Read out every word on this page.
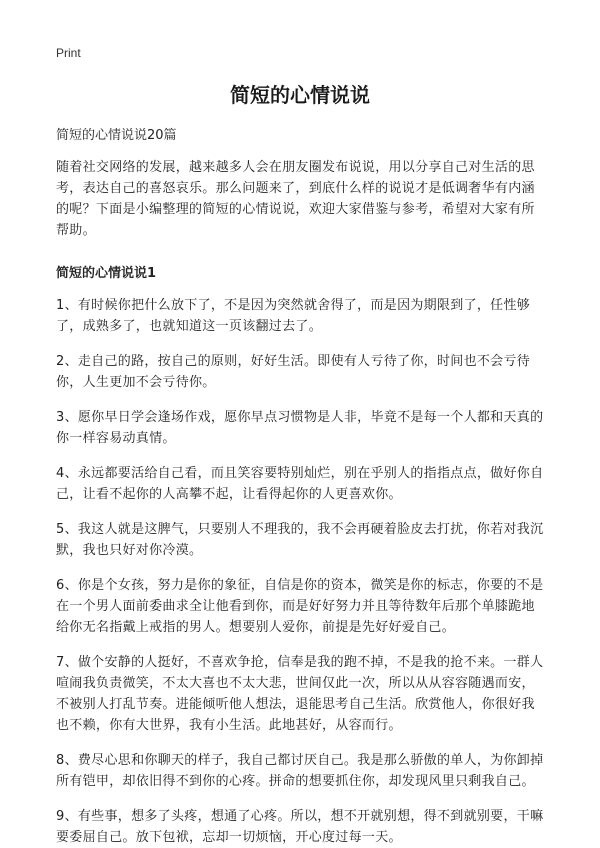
Print
简短的心情说说
简短的心情说说20篇

随着社交网络的发展，越来越多人会在朋友圈发布说说，用以分享自己对生活的思考，表达自己的喜怒哀乐。那么问题来了，到底什么样的说说才是低调奢华有内涵的呢？下面是小编整理的简短的心情说说，欢迎大家借鉴与参考，希望对大家有所帮助。

简短的心情说说1

1、有时候你把什么放下了，不是因为突然就舍得了，而是因为期限到了，任性够了，成熟多了，也就知道这一页该翻过去了。

2、走自己的路，按自己的原则，好好生活。即使有人亏待了你，时间也不会亏待你，人生更加不会亏待你。

3、愿你早日学会逢场作戏，愿你早点习惯物是人非，毕竟不是每一个人都和天真的你一样容易动真情。

4、永远都要活给自己看，而且笑容要特别灿烂，别在乎别人的指指点点，做好你自己，让看不起你的人高攀不起，让看得起你的人更喜欢你。

5、我这人就是这脾气，只要别人不理我的，我不会再硬着脸皮去打扰，你若对我沉默，我也只好对你冷漠。

6、你是个女孩，努力是你的象征，自信是你的资本，微笑是你的标志，你要的不是在一个男人面前委曲求全让他看到你，而是好好努力并且等待数年后那个单膝跪地给你无名指戴上戒指的男人。想要别人爱你，前提是先好好爱自己。

7、做个安静的人挺好，不喜欢争抢，信奉是我的跑不掉，不是我的抢不来。一群人喧闹我负责微笑，不太大喜也不太大悲，世间仅此一次，所以从从容容随遇而安，不被别人打乱节奏。进能倾听他人想法，退能思考自己生活。欣赏他人，你很好我也不赖，你有大世界，我有小生活。此地甚好，从容而行。

8、费尽心思和你聊天的样子，我自己都讨厌自己。我是那么骄傲的单人，为你卸掉所有铠甲，却依旧得不到你的心疼。拼命的想要抓住你，却发现风里只剩我自己。

9、有些事，想多了头疼，想通了心疼。所以，想不开就别想，得不到就别要，干嘛要委屈自己。放下包袱，忘却一切烦恼，开心度过每一天。
